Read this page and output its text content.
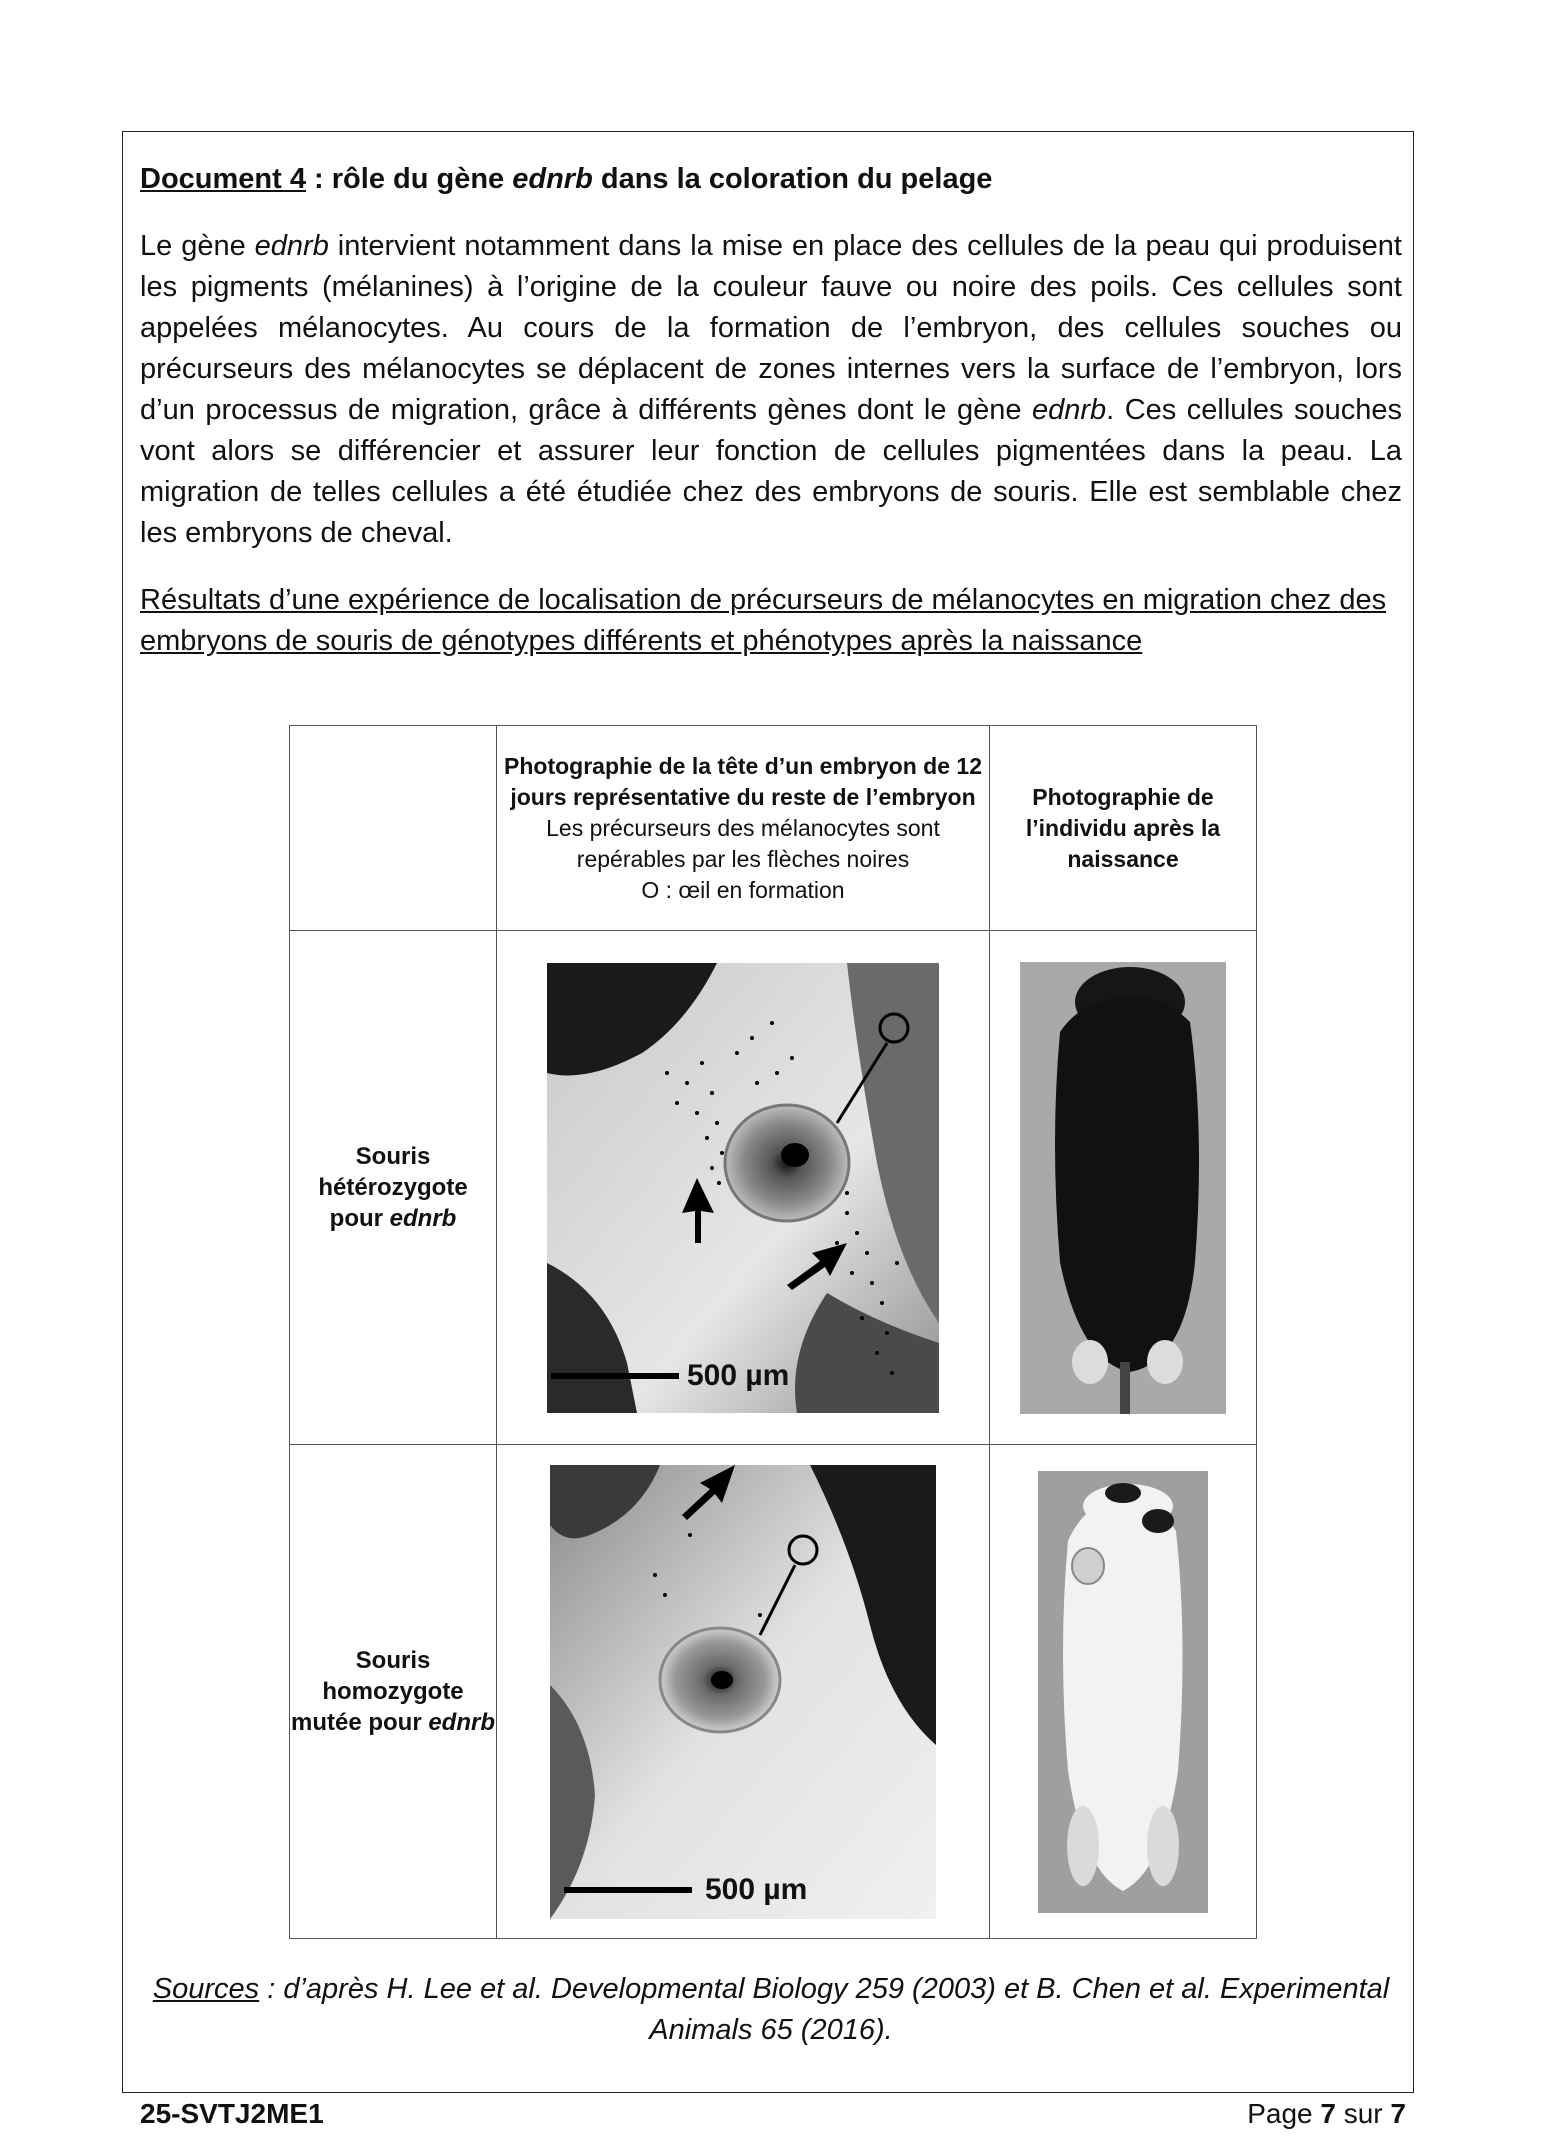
Document 4 : rôle du gène ednrb dans la coloration du pelage

Le gène ednrb intervient notamment dans la mise en place des cellules de la peau qui produisent les pigments (mélanines) à l’origine de la couleur fauve ou noire des poils. Ces cellules sont appelées mélanocytes. Au cours de la formation de l’embryon, des cellules souches ou précurseurs des mélanocytes se déplacent de zones internes vers la surface de l’embryon, lors d’un processus de migration, grâce à différents gènes dont le gène ednrb. Ces cellules souches vont alors se différencier et assurer leur fonction de cellules pigmentées dans la peau. La migration de telles cellules a été étudiée chez des embryons de souris. Elle est semblable chez les embryons de cheval.

Résultats d’une expérience de localisation de précurseurs de mélanocytes en migration chez des embryons de souris de génotypes différents et phénotypes après la naissance

	Photographie de la tête d’un embryon de 12 jours représentative du reste de l’embryon
Les précurseurs des mélanocytes sont repérables par les flèches noires
O : œil en formation	Photographie de l’individu après la naissance

Souris hétérozygote pour ednrb	500 µm

Souris homozygote mutée pour ednrb	500 µm

Sources : d’après H. Lee et al. Developmental Biology 259 (2003) et B. Chen et al. Experimental Animals 65 (2016).

25-SVTJ2ME1	Page 7 sur 7
